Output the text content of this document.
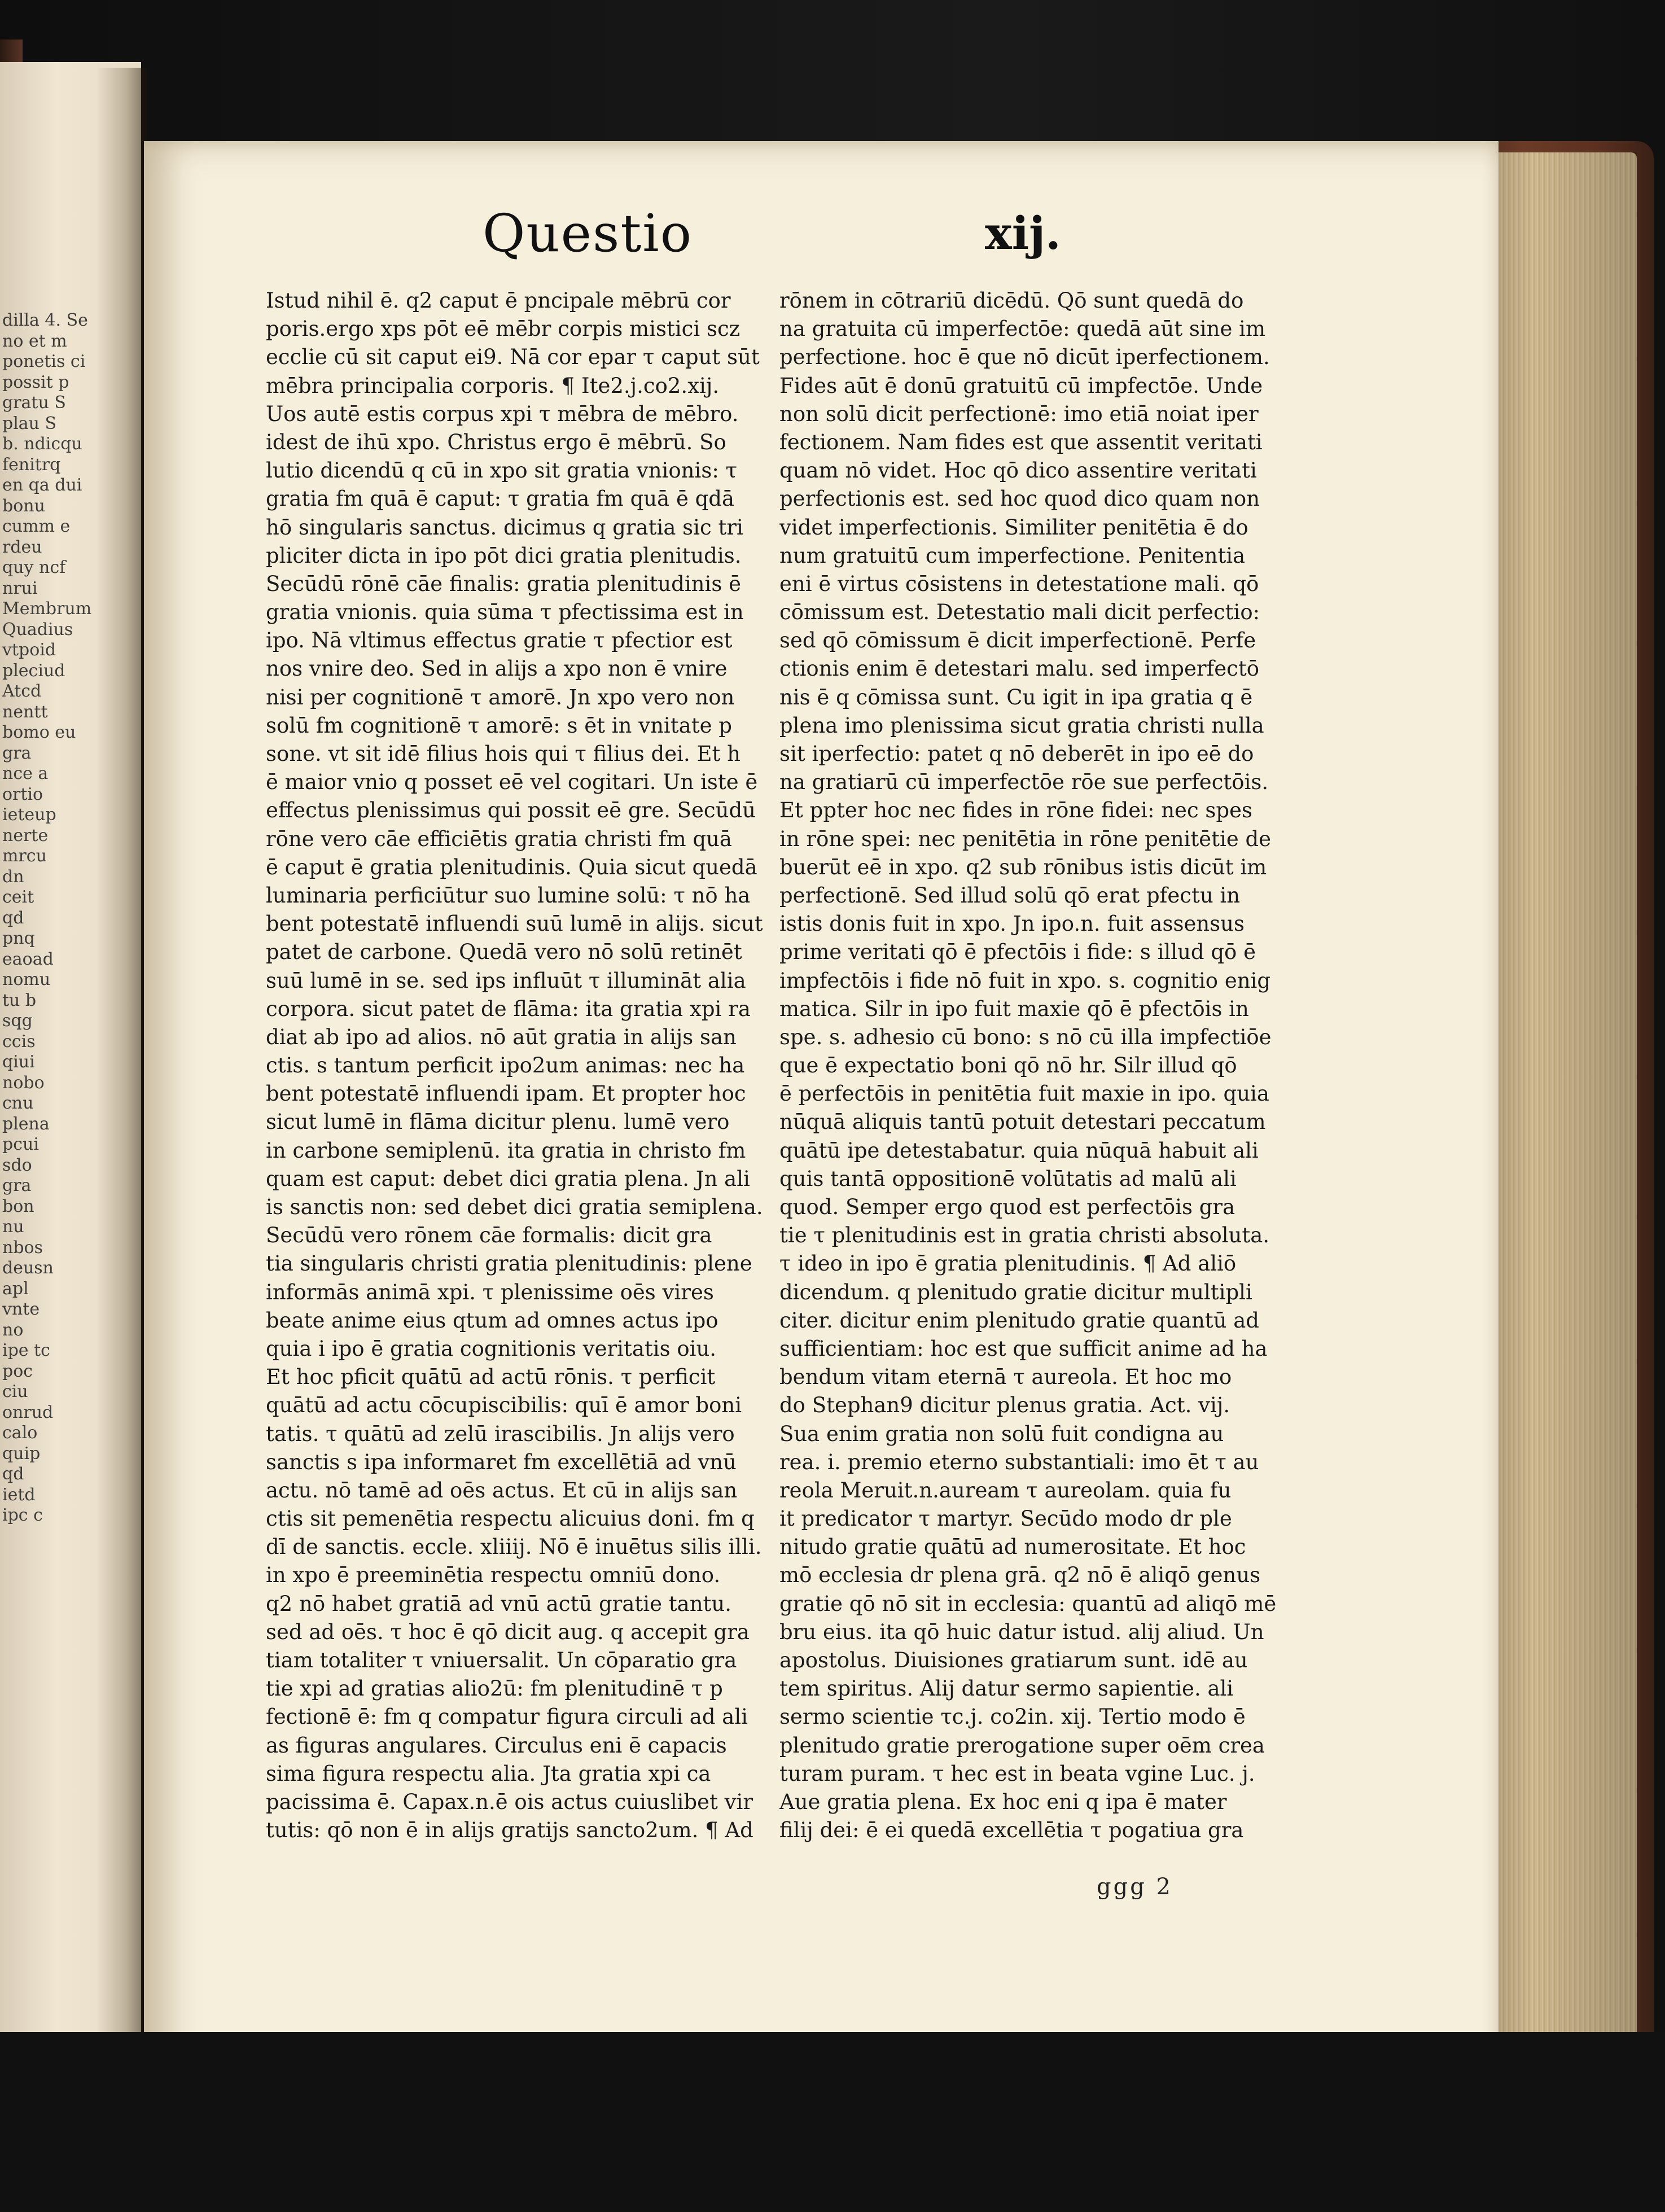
dilla 4. Se
no et m
ponetis ci
possit p
gratu S
plau S
b. ndicqu
fenitrq
en qa dui
bonu
cumm e
rdeu
quy ncf
nrui
Membrum
Quadius
vtpoid
pleciud
Atcd
nentt
bomo eu
gra
nce a
ortio
ieteup
nerte
mrcu
dn
ceit
qd
pnq
eaoad
nomu
tu b
sqg
ccis
qiui
nobo
cnu
plena
pcui
sdo
gra
bon
nu
nbos
deusn
apl
vnte
no
ipe tc
poc
ciu
onrud
calo
quip
qd
ietd
ipc c
Questio	xij.
Istud nihil ē. q2 caput ē pncipale mēbrū cor
poris.ergo xps pōt eē mēbr corpis mistici scz
ecclie cū sit caput ei9. Nā cor epar τ caput sūt
mēbra principalia corporis. ¶ Ite2.j.co2.xij.
Uos autē estis corpus xpi τ mēbra de mēbro.
idest de ihū xpo. Christus ergo ē mēbrū. So
lutio dicendū q cū in xpo sit gratia vnionis: τ
gratia fm quā ē caput: τ gratia fm quā ē qdā
hō singularis sanctus. dicimus q gratia sic tri
pliciter dicta in ipo pōt dici gratia plenitudis.
Secūdū rōnē cāe finalis: gratia plenitudinis ē
gratia vnionis. quia sūma τ pfectissima est in
ipo. Nā vltimus effectus gratie τ pfectior est
nos vnire deo. Sed in alijs a xpo non ē vnire
nisi per cognitionē τ amorē. Jn xpo vero non
solū fm cognitionē τ amorē: s ēt in vnitate p
sone. vt sit idē filius hois qui τ filius dei. Et h
ē maior vnio q posset eē vel cogitari. Un iste ē
effectus plenissimus qui possit eē gre. Secūdū
rōne vero cāe efficiētis gratia christi fm quā
ē caput ē gratia plenitudinis. Quia sicut quedā
luminaria perficiūtur suo lumine solū: τ nō ha
bent potestatē influendi suū lumē in alijs. sicut
patet de carbone. Quedā vero nō solū retinēt
suū lumē in se. sed ips influūt τ illumināt alia
corpora. sicut patet de flāma: ita gratia xpi ra
diat ab ipo ad alios. nō aūt gratia in alijs san
ctis. s tantum perficit ipo2um animas: nec ha
bent potestatē influendi ipam. Et propter hoc
sicut lumē in flāma dicitur plenu. lumē vero
in carbone semiplenū. ita gratia in christo fm
quam est caput: debet dici gratia plena. Jn ali
is sanctis non: sed debet dici gratia semiplena.
Secūdū vero rōnem cāe formalis: dicit gra
tia singularis christi gratia plenitudinis: plene
informās animā xpi. τ plenissime oēs vires
beate anime eius qtum ad omnes actus ipo
quia i ipo ē gratia cognitionis veritatis oiu.
Et hoc pficit quātū ad actū rōnis. τ perficit
quātū ad actu cōcupiscibilis: quī ē amor boni
tatis. τ quātū ad zelū irascibilis. Jn alijs vero
sanctis s ipa informaret fm excellētiā ad vnū
actu. nō tamē ad oēs actus. Et cū in alijs san
ctis sit pemenētia respectu alicuius doni. fm q
dī de sanctis. eccle. xliiij. Nō ē inuētus silis illi.
in xpo ē preeminētia respectu omniū dono.
q2 nō habet gratiā ad vnū actū gratie tantu.
sed ad oēs. τ hoc ē qō dicit aug. q accepit gra
tiam totaliter τ vniuersalit. Un cōparatio gra
tie xpi ad gratias alio2ū: fm plenitudinē τ p
fectionē ē: fm q compatur figura circuli ad ali
as figuras angulares. Circulus eni ē capacis
sima figura respectu alia. Jta gratia xpi ca
pacissima ē. Capax.n.ē ois actus cuiuslibet vir
tutis: qō non ē in alijs gratijs sancto2um. ¶ Ad
rōnem in cōtrariū dicēdū. Qō sunt quedā do
na gratuita cū imperfectōe: quedā aūt sine im
perfectione. hoc ē que nō dicūt iperfectionem.
Fides aūt ē donū gratuitū cū impfectōe. Unde
non solū dicit perfectionē: imo etiā noiat iper
fectionem. Nam fides est que assentit veritati
quam nō videt. Hoc qō dico assentire veritati
perfectionis est. sed hoc quod dico quam non
videt imperfectionis. Similiter penitētia ē do
num gratuitū cum imperfectione. Penitentia
eni ē virtus cōsistens in detestatione mali. qō
cōmissum est. Detestatio mali dicit perfectio:
sed qō cōmissum ē dicit imperfectionē. Perfe
ctionis enim ē detestari malu. sed imperfectō
nis ē q cōmissa sunt. Cu igit in ipa gratia q ē
plena imo plenissima sicut gratia christi nulla
sit iperfectio: patet q nō deberēt in ipo eē do
na gratiarū cū imperfectōe rōe sue perfectōis.
Et ppter hoc nec fides in rōne fidei: nec spes
in rōne spei: nec penitētia in rōne penitētie de
buerūt eē in xpo. q2 sub rōnibus istis dicūt im
perfectionē. Sed illud solū qō erat pfectu in
istis donis fuit in xpo. Jn ipo.n. fuit assensus
prime veritati qō ē pfectōis i fide: s illud qō ē
impfectōis i fide nō fuit in xpo. s. cognitio enig
matica. Silr in ipo fuit maxie qō ē pfectōis in
spe. s. adhesio cū bono: s nō cū illa impfectiōe
que ē expectatio boni qō nō hr. Silr illud qō
ē perfectōis in penitētia fuit maxie in ipo. quia
nūquā aliquis tantū potuit detestari peccatum
quātū ipe detestabatur. quia nūquā habuit ali
quis tantā oppositionē volūtatis ad malū ali
quod. Semper ergo quod est perfectōis gra
tie τ plenitudinis est in gratia christi absoluta.
τ ideo in ipo ē gratia plenitudinis. ¶ Ad aliō
dicendum. q plenitudo gratie dicitur multipli
citer. dicitur enim plenitudo gratie quantū ad
sufficientiam: hoc est que sufficit anime ad ha
bendum vitam eternā τ aureola. Et hoc mo
do Stephan9 dicitur plenus gratia. Act. vij.
Sua enim gratia non solū fuit condigna au
rea. i. premio eterno substantiali: imo ēt τ au
reola Meruit.n.auream τ aureolam. quia fu
it predicator τ martyr. Secūdo modo dr ple
nitudo gratie quātū ad numerositate. Et hoc
mō ecclesia dr plena grā. q2 nō ē aliqō genus
gratie qō nō sit in ecclesia: quantū ad aliqō mē
bru eius. ita qō huic datur istud. alij aliud. Un
apostolus. Diuisiones gratiarum sunt. idē au
tem spiritus. Alij datur sermo sapientie. ali
sermo scientie τc.j. co2in. xij. Tertio modo ē
plenitudo gratie prerogatione super oēm crea
turam puram. τ hec est in beata vgine Luc. j.
Aue gratia plena. Ex hoc eni q ipa ē mater
filij dei: ē ei quedā excellētia τ pogatiua gra
ggg 2
